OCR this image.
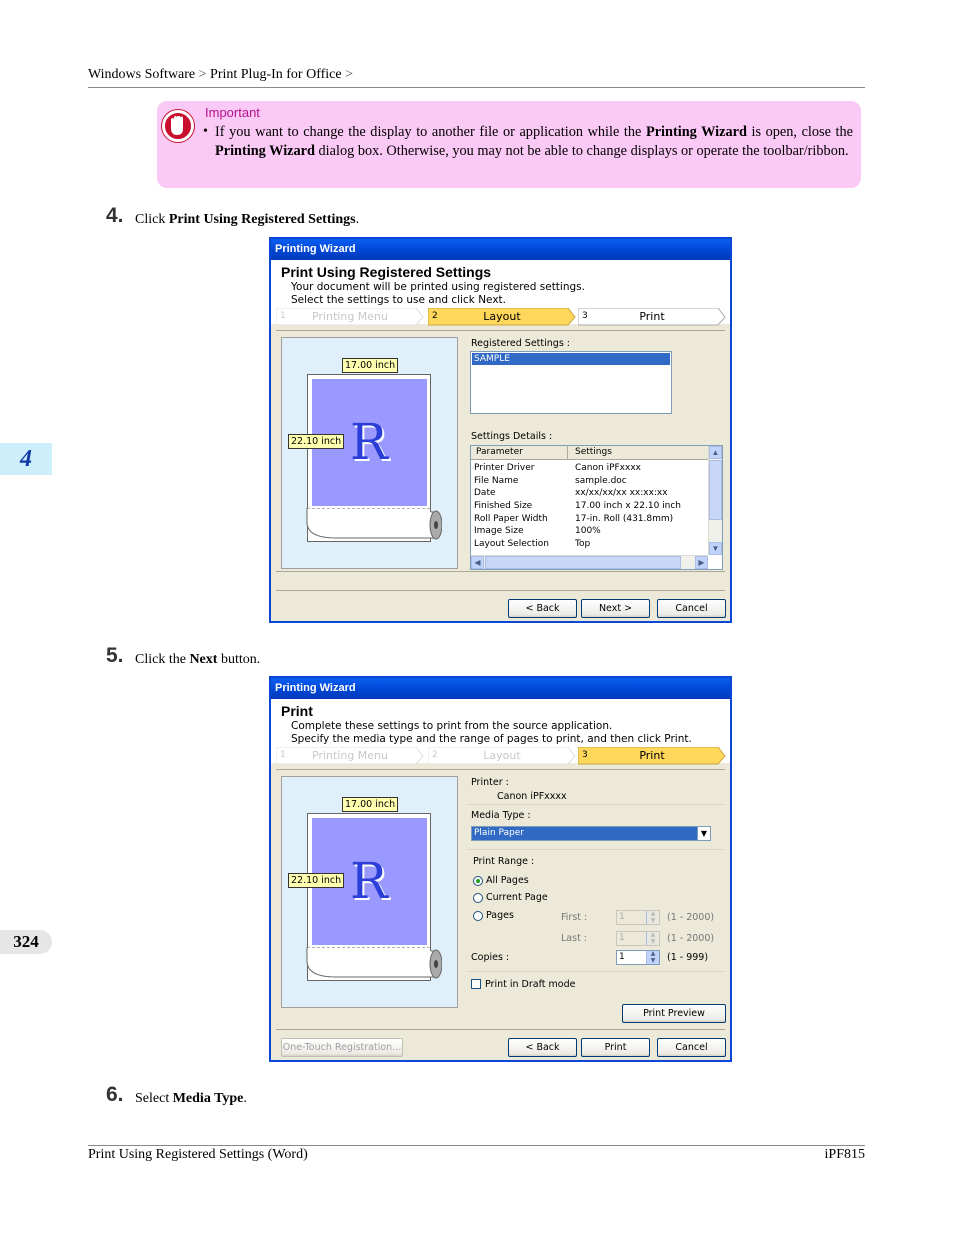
Windows Software > Print Plug-In for Office >
4
324
Important
• If you want to change the display to another file or application while the Printing Wizard is open, close the Printing Wizard dialog box. Otherwise, you may not be able to change displays or operate the toolbar/ribbon.
4. Click Print Using Registered Settings.
Printing Wizard
Print Using Registered Settings
Your document will be printed using registered settings.
Select the settings to use and click Next.
1	Printing Menu	2	Layout	3	Print
R
17.00 inch
22.10 inch
Registered Settings :
SAMPLE
Settings Details :
Parameter	Settings
Printer Driver	Canon iPFxxxx
File Name	sample.doc
Date	xx/xx/xx/xx xx:xx:xx
Finished Size	17.00 inch x 22.10 inch
Roll Paper Width	17-in. Roll (431.8mm)
Image Size	100%
Layout Selection	Top
▲
▼
◀	▶
< Back	Next >	Cancel
5. Click the Next button.
Printing Wizard
Print
Complete these settings to print from the source application.
Specify the media type and the range of pages to print, and then click Print.
1	Printing Menu	2	Layout	3	Print
R
17.00 inch
22.10 inch
Printer :
Canon iPFxxxx
Media Type :
Plain Paper	▼
Print Range :
All Pages
Current Page
Pages	First :	1	▲
▼	(1 - 2000)
Last :	1	▲
▼	(1 - 2000)
Copies :	1	▲
▼	(1 - 999)
Print in Draft mode
Print Preview
One-Touch Registration...	< Back	Print	Cancel
6. Select Media Type.
Print Using Registered Settings (Word)	iPF815
